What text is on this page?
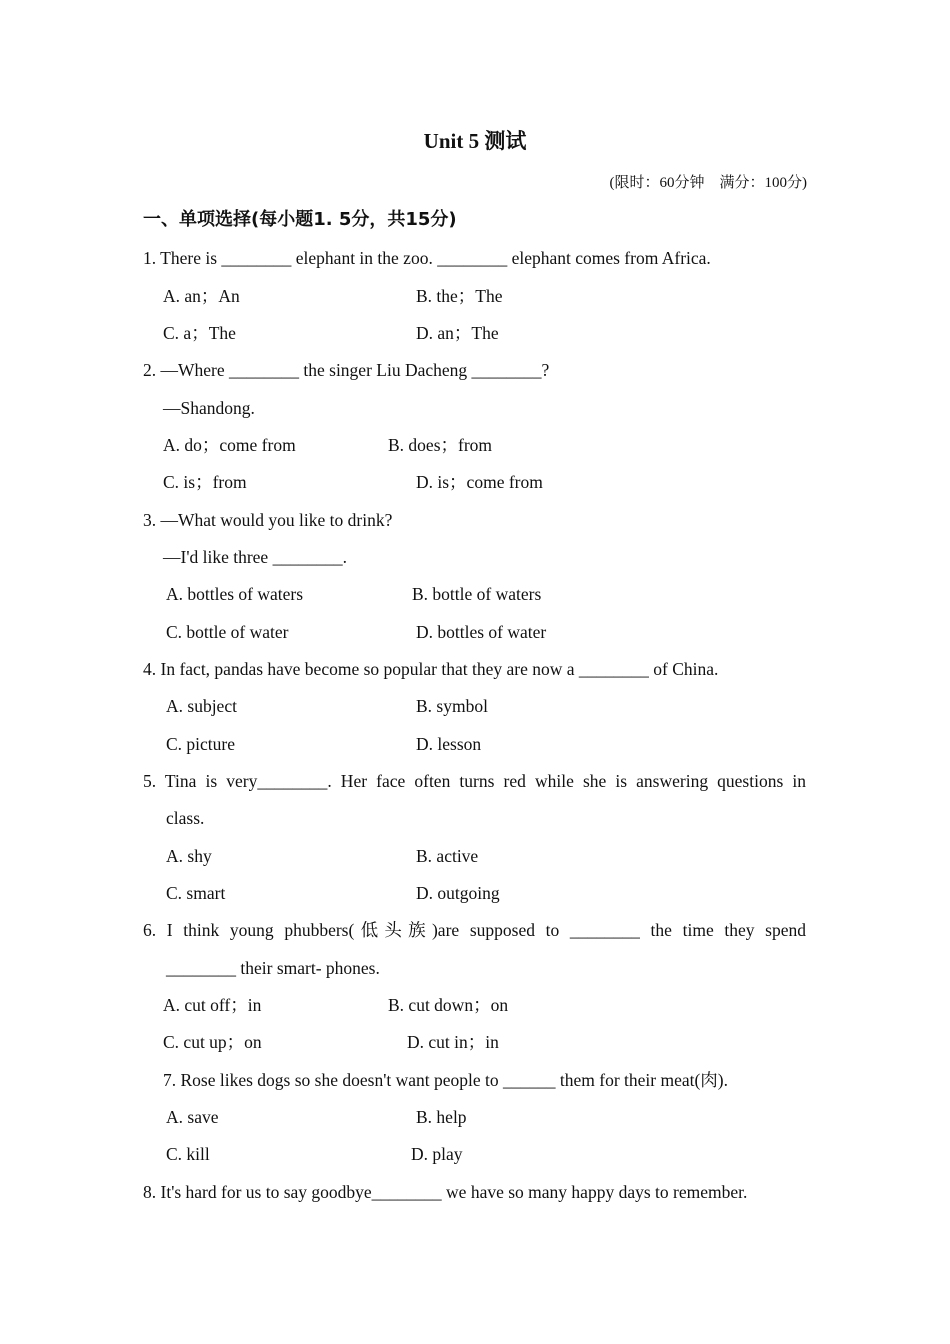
Unit 5 测试
(限时：60分钟　满分：100分)
一、单项选择(每小题1. 5分，共15分)
1. There is ________ elephant in the zoo. ________ elephant comes from Africa.
A. an；An	B. the；The
C. a；The	D. an；The
2. —Where ________ the singer Liu Dacheng ________?
—Shandong.
A. do；come from	B. does；from
C. is；from	D. is；come from
3. —What would you like to drink?
—I'd like three ________.
A. bottles of waters	B. bottle of waters
C. bottle of water	D. bottles of water
4. In fact, pandas have become so popular that they are now a ________ of China.
A. subject	B. symbol
C. picture	D. lesson
5. Tina is very________. Her face often turns red while she is answering questions in
class.
A. shy	B. active
C. smart	D. outgoing
6. I think young phubbers(低头族)are supposed to ________ the time they spend
________ their smart- phones.
A. cut off；in	B. cut down；on
C. cut up；on	D. cut in；in
7. Rose likes dogs so she doesn't want people to ______ them for their meat(肉).
A. save	B. help
C. kill	D. play
8. It's hard for us to say goodbye________ we have so many happy days to remember.
